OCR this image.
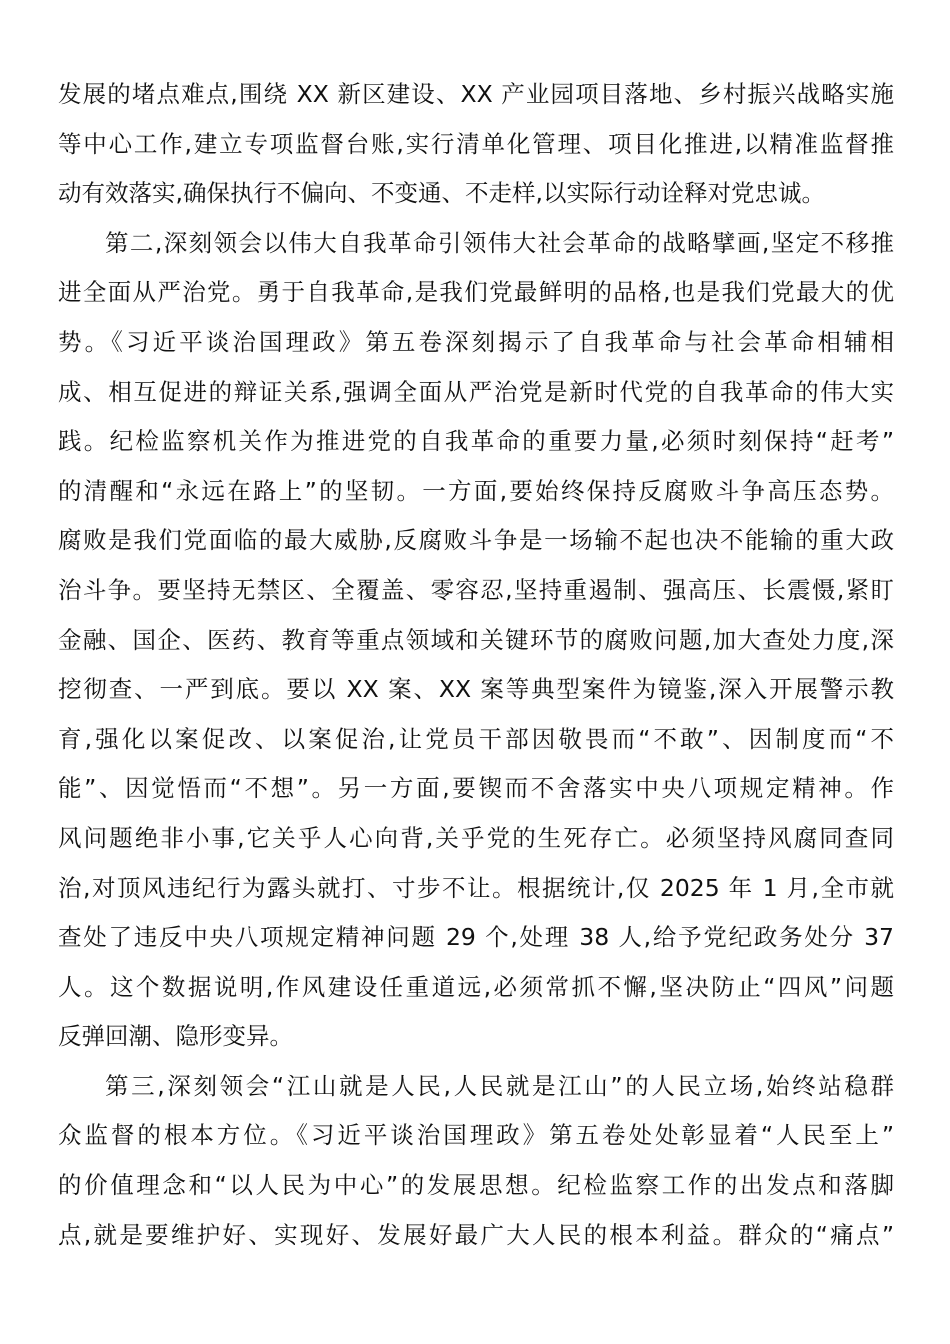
发展的堵点难点,围绕 XX 新区建设、XX 产业园项目落地、乡村振兴战略实施
等中心工作,建立专项监督台账,实行清单化管理、项目化推进,以精准监督推
动有效落实,确保执行不偏向、不变通、不走样,以实际行动诠释对党忠诚。
第二,深刻领会以伟大自我革命引领伟大社会革命的战略擘画,坚定不移推
进全面从严治党。勇于自我革命,是我们党最鲜明的品格,也是我们党最大的优
势。《习近平谈治国理政》第五卷深刻揭示了自我革命与社会革命相辅相
成、相互促进的辩证关系,强调全面从严治党是新时代党的自我革命的伟大实
践。纪检监察机关作为推进党的自我革命的重要力量,必须时刻保持“赶考”
的清醒和“永远在路上”的坚韧。一方面,要始终保持反腐败斗争高压态势。
腐败是我们党面临的最大威胁,反腐败斗争是一场输不起也决不能输的重大政
治斗争。要坚持无禁区、全覆盖、零容忍,坚持重遏制、强高压、长震慑,紧盯
金融、国企、医药、教育等重点领域和关键环节的腐败问题,加大查处力度,深
挖彻查、一严到底。要以 XX 案、XX 案等典型案件为镜鉴,深入开展警示教
育,强化以案促改、以案促治,让党员干部因敬畏而“不敢”、因制度而“不
能”、因觉悟而“不想”。另一方面,要锲而不舍落实中央八项规定精神。作
风问题绝非小事,它关乎人心向背,关乎党的生死存亡。必须坚持风腐同查同
治,对顶风违纪行为露头就打、寸步不让。根据统计,仅 2025 年 1 月,全市就
查处了违反中央八项规定精神问题 29 个,处理 38 人,给予党纪政务处分 37
人。这个数据说明,作风建设任重道远,必须常抓不懈,坚决防止“四风”问题
反弹回潮、隐形变异。
第三,深刻领会“江山就是人民,人民就是江山”的人民立场,始终站稳群
众监督的根本方位。《习近平谈治国理政》第五卷处处彰显着“人民至上”
的价值理念和“以人民为中心”的发展思想。纪检监察工作的出发点和落脚
点,就是要维护好、实现好、发展好最广大人民的根本利益。群众的“痛点”
